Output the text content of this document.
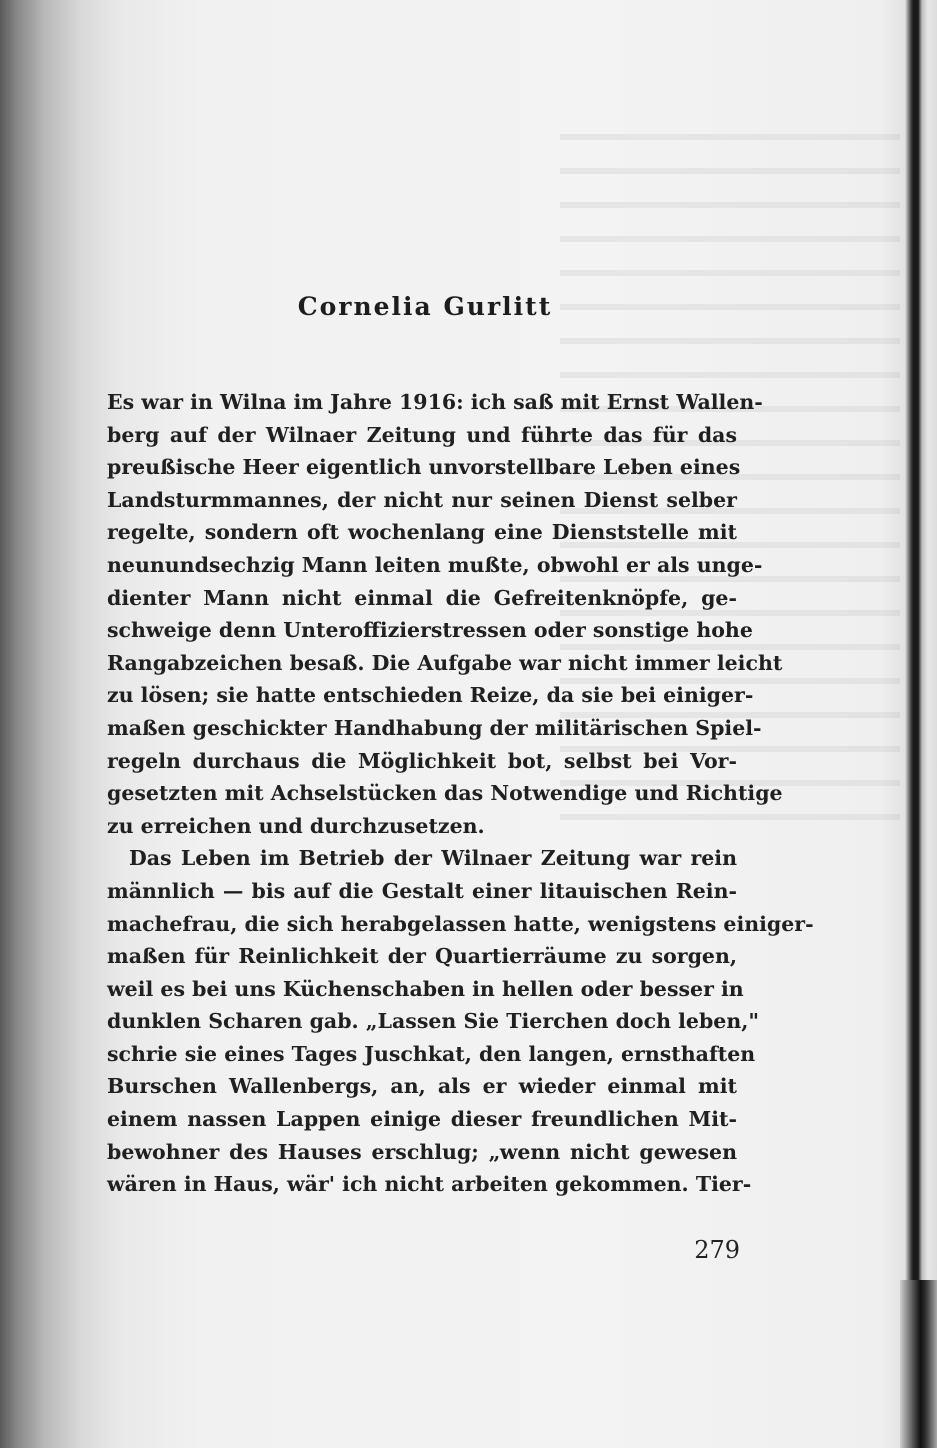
Cornelia Gurlitt
Es war in Wilna im Jahre 1916: ich saß mit Ernst Wallen-
berg auf der Wilnaer Zeitung und führte das für das
preußische Heer eigentlich unvorstellbare Leben eines
Landsturmmannes, der nicht nur seinen Dienst selber
regelte, sondern oft wochenlang eine Dienststelle mit
neunundsechzig Mann leiten mußte, obwohl er als unge-
dienter Mann nicht einmal die Gefreitenknöpfe, ge-
schweige denn Unteroffizierstressen oder sonstige hohe
Rangabzeichen besaß. Die Aufgabe war nicht immer leicht
zu lösen; sie hatte entschieden Reize, da sie bei einiger-
maßen geschickter Handhabung der militärischen Spiel-
regeln durchaus die Möglichkeit bot, selbst bei Vor-
gesetzten mit Achselstücken das Notwendige und Richtige
zu erreichen und durchzusetzen.
Das Leben im Betrieb der Wilnaer Zeitung war rein
männlich — bis auf die Gestalt einer litauischen Rein-
machefrau, die sich herabgelassen hatte, wenigstens einiger-
maßen für Reinlichkeit der Quartierräume zu sorgen,
weil es bei uns Küchenschaben in hellen oder besser in
dunklen Scharen gab. „Lassen Sie Tierchen doch leben,"
schrie sie eines Tages Juschkat, den langen, ernsthaften
Burschen Wallenbergs, an, als er wieder einmal mit
einem nassen Lappen einige dieser freundlichen Mit-
bewohner des Hauses erschlug; „wenn nicht gewesen
wären in Haus, wär' ich nicht arbeiten gekommen. Tier-
279
